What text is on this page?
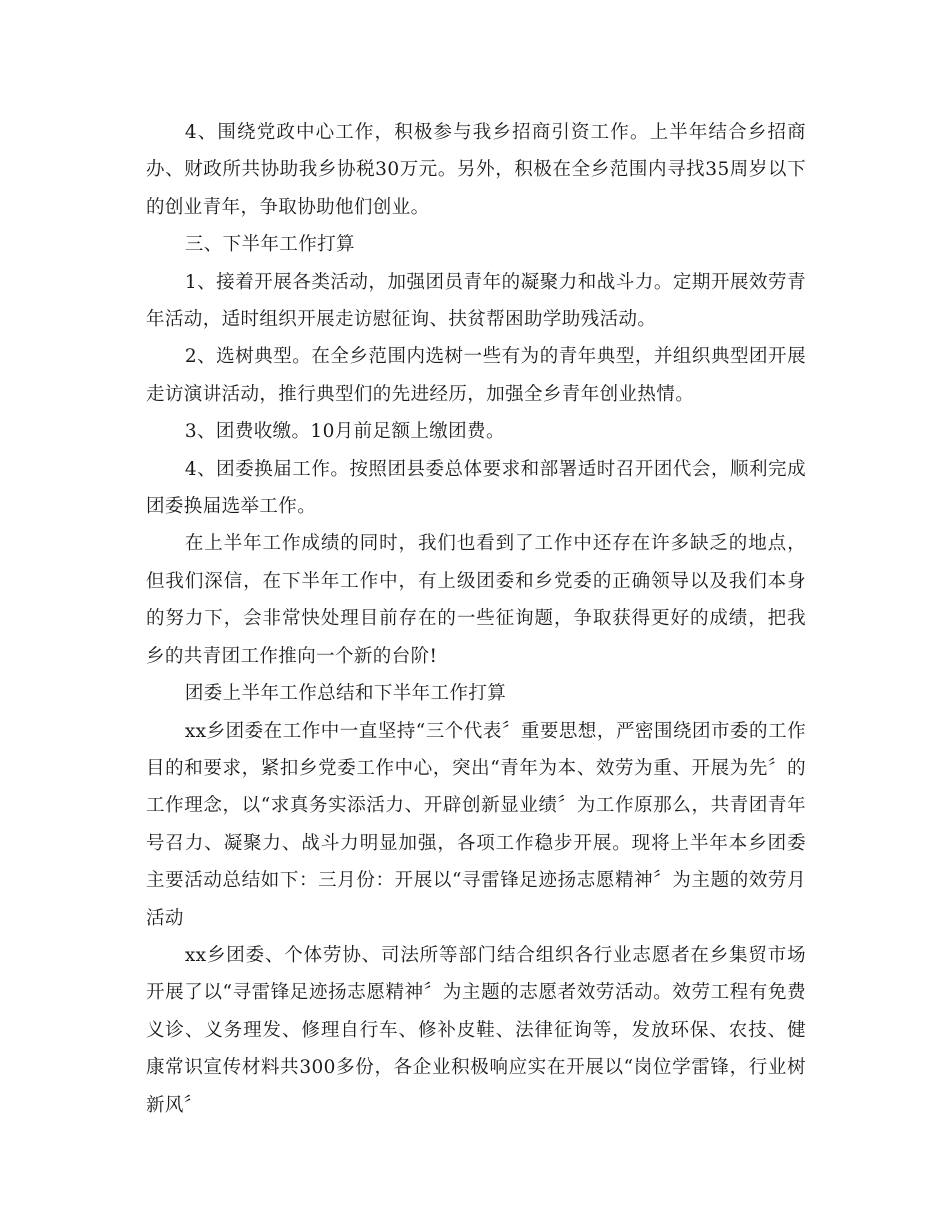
4、围绕党政中心工作，积极参与我乡招商引资工作。上半年结合乡招商办、财政所共协助我乡协税30万元。另外，积极在全乡范围内寻找35周岁以下的创业青年，争取协助他们创业。

三、下半年工作打算

1、接着开展各类活动，加强团员青年的凝聚力和战斗力。定期开展效劳青年活动，适时组织开展走访慰征询、扶贫帮困助学助残活动。

2、选树典型。在全乡范围内选树一些有为的青年典型，并组织典型团开展走访演讲活动，推行典型们的先进经历，加强全乡青年创业热情。

3、团费收缴。10月前足额上缴团费。

4、团委换届工作。按照团县委总体要求和部署适时召开团代会，顺利完成团委换届选举工作。

在上半年工作成绩的同时，我们也看到了工作中还存在许多缺乏的地点，但我们深信，在下半年工作中，有上级团委和乡党委的正确领导以及我们本身的努力下，会非常快处理目前存在的一些征询题，争取获得更好的成绩，把我乡的共青团工作推向一个新的台阶!

团委上半年工作总结和下半年工作打算

xx乡团委在工作中一直坚持“三个代表〞重要思想，严密围绕团市委的工作目的和要求，紧扣乡党委工作中心，突出“青年为本、效劳为重、开展为先〞的工作理念，以“求真务实添活力、开辟创新显业绩〞为工作原那么，共青团青年号召力、凝聚力、战斗力明显加强，各项工作稳步开展。现将上半年本乡团委主要活动总结如下：三月份：开展以“寻雷锋足迹扬志愿精神〞为主题的效劳月活动

xx乡团委、个体劳协、司法所等部门结合组织各行业志愿者在乡集贸市场开展了以“寻雷锋足迹扬志愿精神〞为主题的志愿者效劳活动。效劳工程有免费义诊、义务理发、修理自行车、修补皮鞋、法律征询等，发放环保、农技、健康常识宣传材料共300多份，各企业积极响应实在开展以“岗位学雷锋，行业树新风〞
